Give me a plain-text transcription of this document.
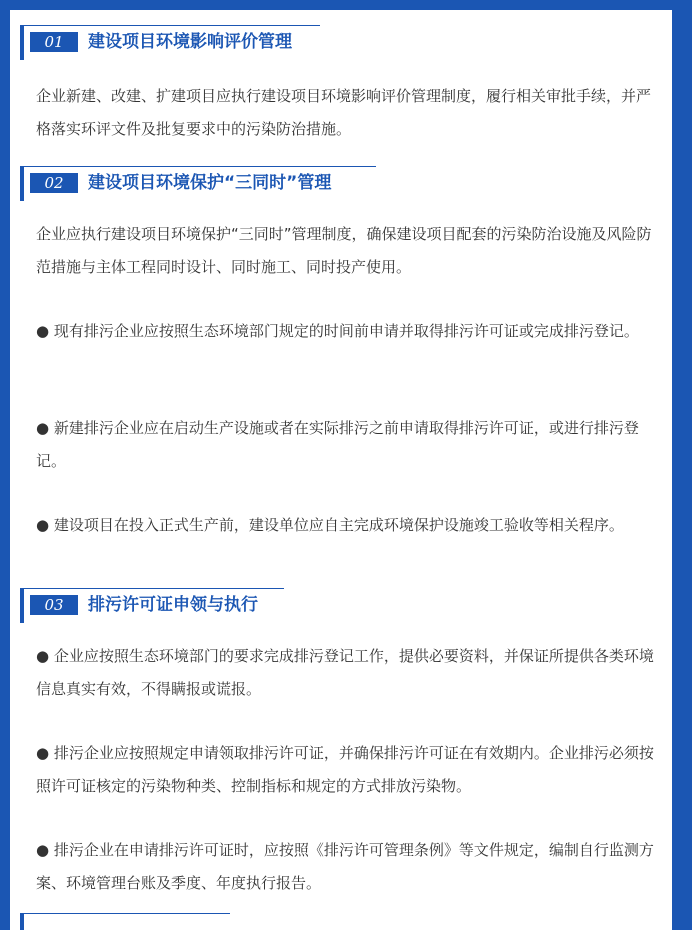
01	建设项目环境影响评价管理
企业新建、改建、扩建项目应执行建设项目环境影响评价管理制度，履行相关审批手续，并严格落实环评文件及批复要求中的污染防治措施。
02	建设项目环境保护“三同时”管理
企业应执行建设项目环境保护“三同时”管理制度，确保建设项目配套的污染防治设施及风险防范措施与主体工程同时设计、同时施工、同时投产使用。
● 现有排污企业应按照生态环境部门规定的时间前申请并取得排污许可证或完成排污登记。
● 新建排污企业应在启动生产设施或者在实际排污之前申请取得排污许可证，或进行排污登记。
● 建设项目在投入正式生产前，建设单位应自主完成环境保护设施竣工验收等相关程序。
03	排污许可证申领与执行
● 企业应按照生态环境部门的要求完成排污登记工作，提供必要资料，并保证所提供各类环境信息真实有效，不得瞒报或谎报。
● 排污企业应按照规定申请领取排污许可证，并确保排污许可证在有效期内。企业排污必须按照许可证核定的污染物种类、控制指标和规定的方式排放污染物。
● 排污企业在申请排污许可证时，应按照《排污许可管理条例》等文件规定，编制自行监测方案、环境管理台账及季度、年度执行报告。
